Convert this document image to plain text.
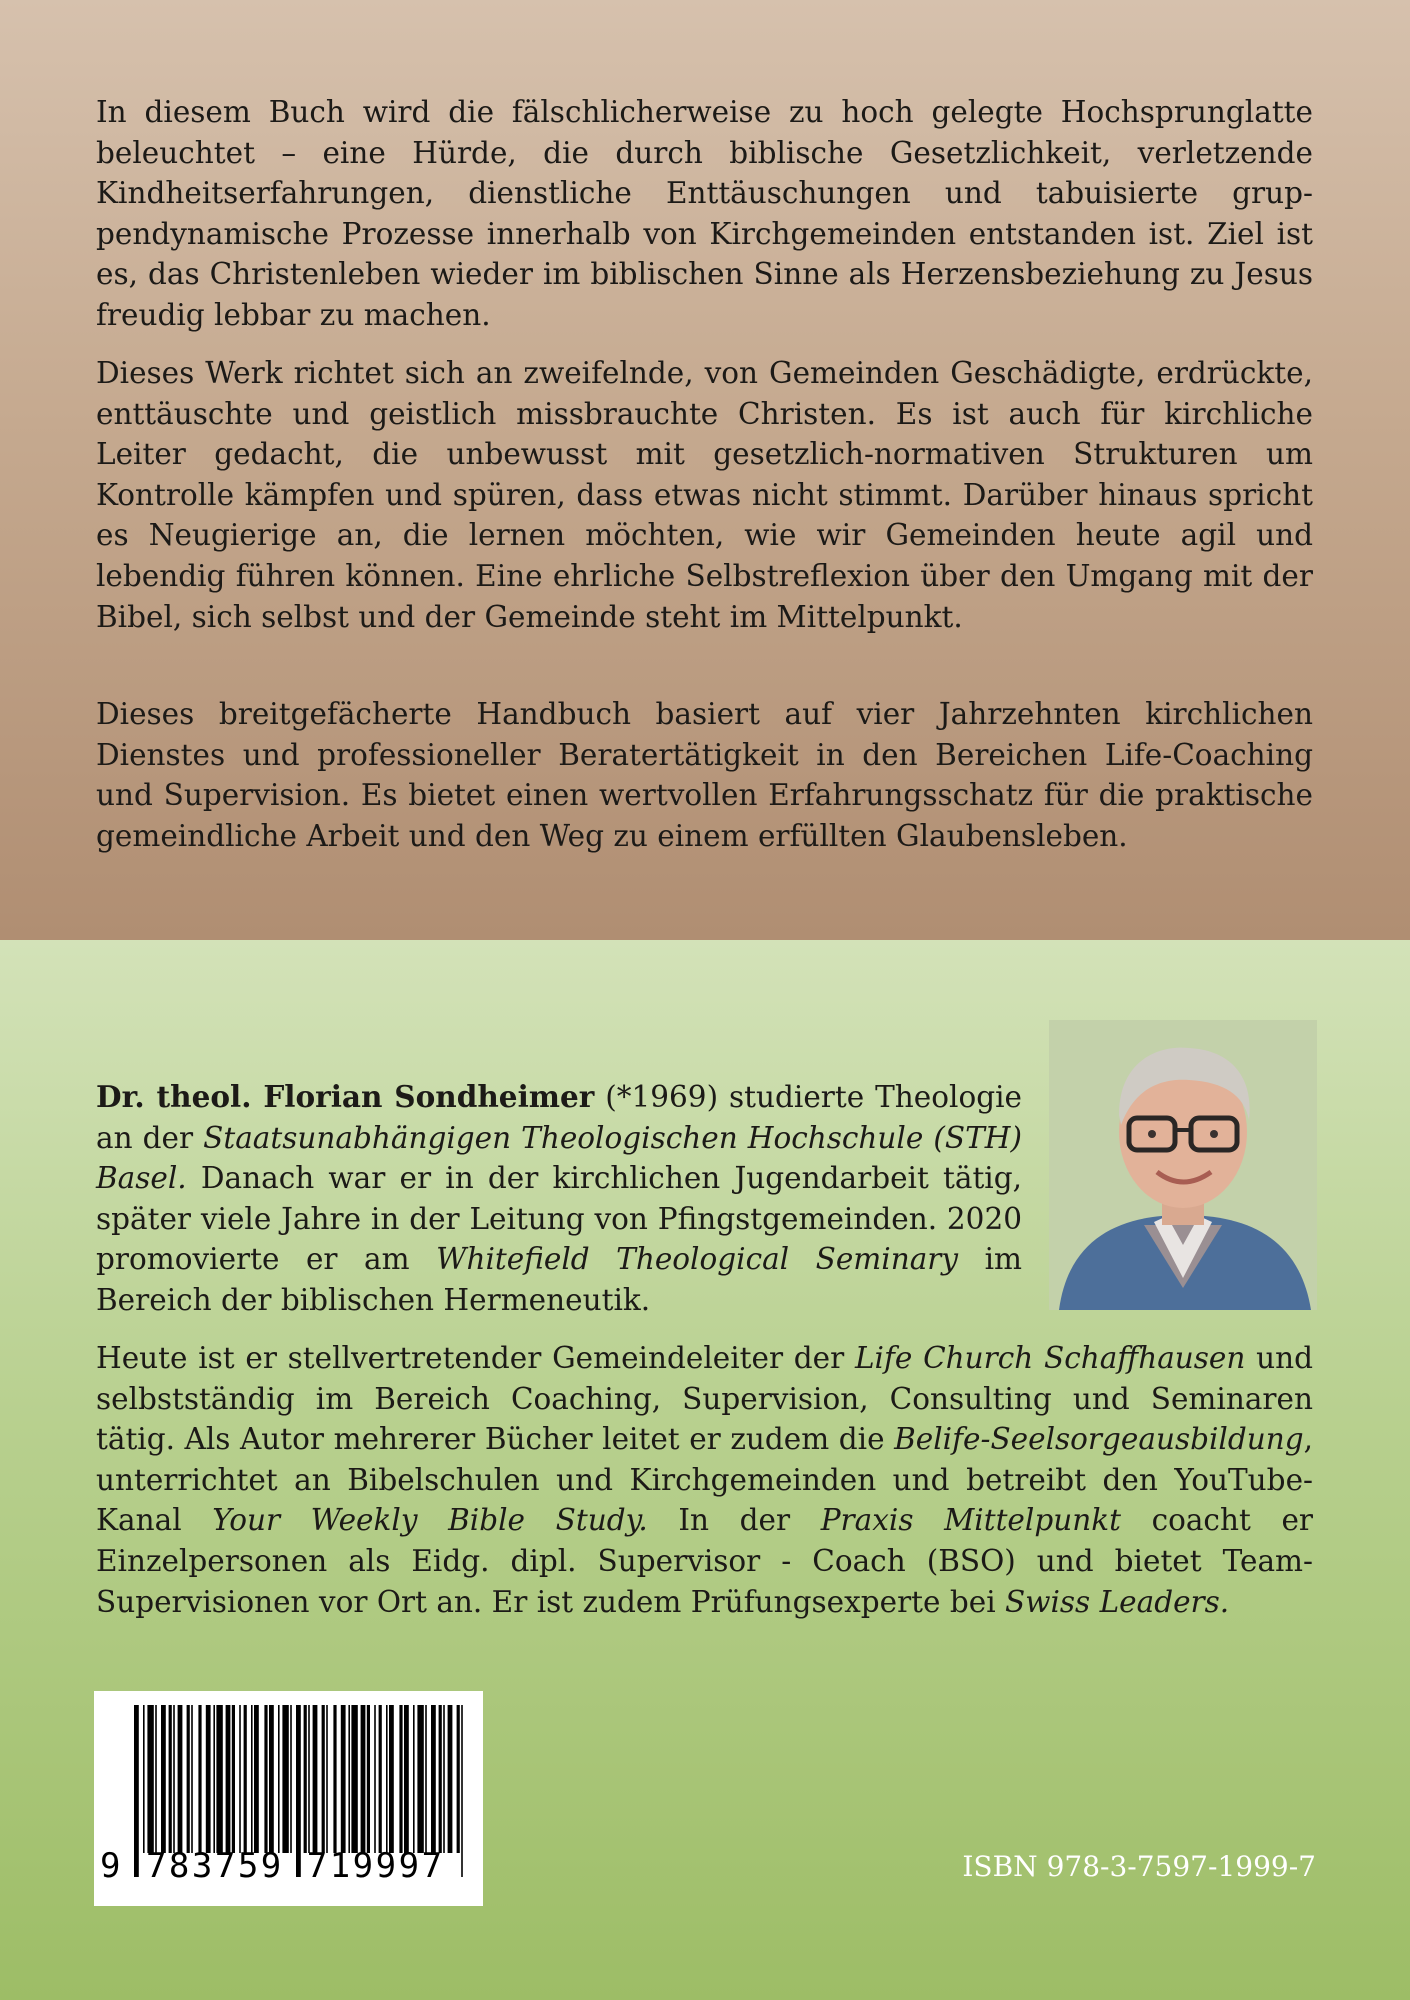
In diesem Buch wird die fälschlicherweise zu hoch gelegte Hochsprunglatte beleuchtet – eine Hürde, die durch biblische Gesetzlichkeit, verletzende Kindheitserfahrungen, dienstliche Enttäuschungen und tabuisierte gruppendynamische Prozesse innerhalb von Kirchgemeinden entstanden ist. Ziel ist es, das Christenleben wieder im biblischen Sinne als Herzensbeziehung zu Jesus freudig lebbar zu machen.

Dieses Werk richtet sich an zweifelnde, von Gemeinden Geschädigte, erdrückte, enttäuschte und geistlich missbrauchte Christen. Es ist auch für kirchliche Leiter gedacht, die unbewusst mit gesetzlich-normativen Strukturen um Kontrolle kämpfen und spüren, dass etwas nicht stimmt. Darüber hinaus spricht es Neugierige an, die lernen möchten, wie wir Gemeinden heute agil und lebendig führen können. Eine ehrliche Selbstreflexion über den Umgang mit der Bibel, sich selbst und der Gemeinde steht im Mittelpunkt.

Dieses breitgefächerte Handbuch basiert auf vier Jahrzehnten kirchlichen Dienstes und professioneller Beratertätigkeit in den Bereichen Life-Coaching und Supervision. Es bietet einen wertvollen Erfahrungsschatz für die praktische gemeindliche Arbeit und den Weg zu einem erfüllten Glaubensleben.

Dr. theol. Florian Sondheimer (*1969) studierte Theologie an der Staatsunabhängigen Theologischen Hochschule (STH) Basel. Danach war er in der kirchlichen Jugendarbeit tätig, später viele Jahre in der Leitung von Pfingstgemeinden. 2020 promovierte er am Whitefield Theological Seminary im Bereich der biblischen Hermeneutik.

Heute ist er stellvertretender Gemeindeleiter der Life Church Schaffhausen und selbstständig im Bereich Coaching, Supervision, Consulting und Seminaren tätig. Als Autor mehrerer Bücher leitet er zudem die Belife-Seelsorgeausbildung, unterrichtet an Bibelschulen und Kirchgemeinden und betreibt den YouTube-Kanal Your Weekly Bible Study. In der Praxis Mittelpunkt coacht er Einzelpersonen als Eidg. dipl. Supervisor - Coach (BSO) und bietet Team-Supervisionen vor Ort an. Er ist zudem Prüfungsexperte bei Swiss Leaders.

9 783759 719997	ISBN 978-3-7597-1999-7
